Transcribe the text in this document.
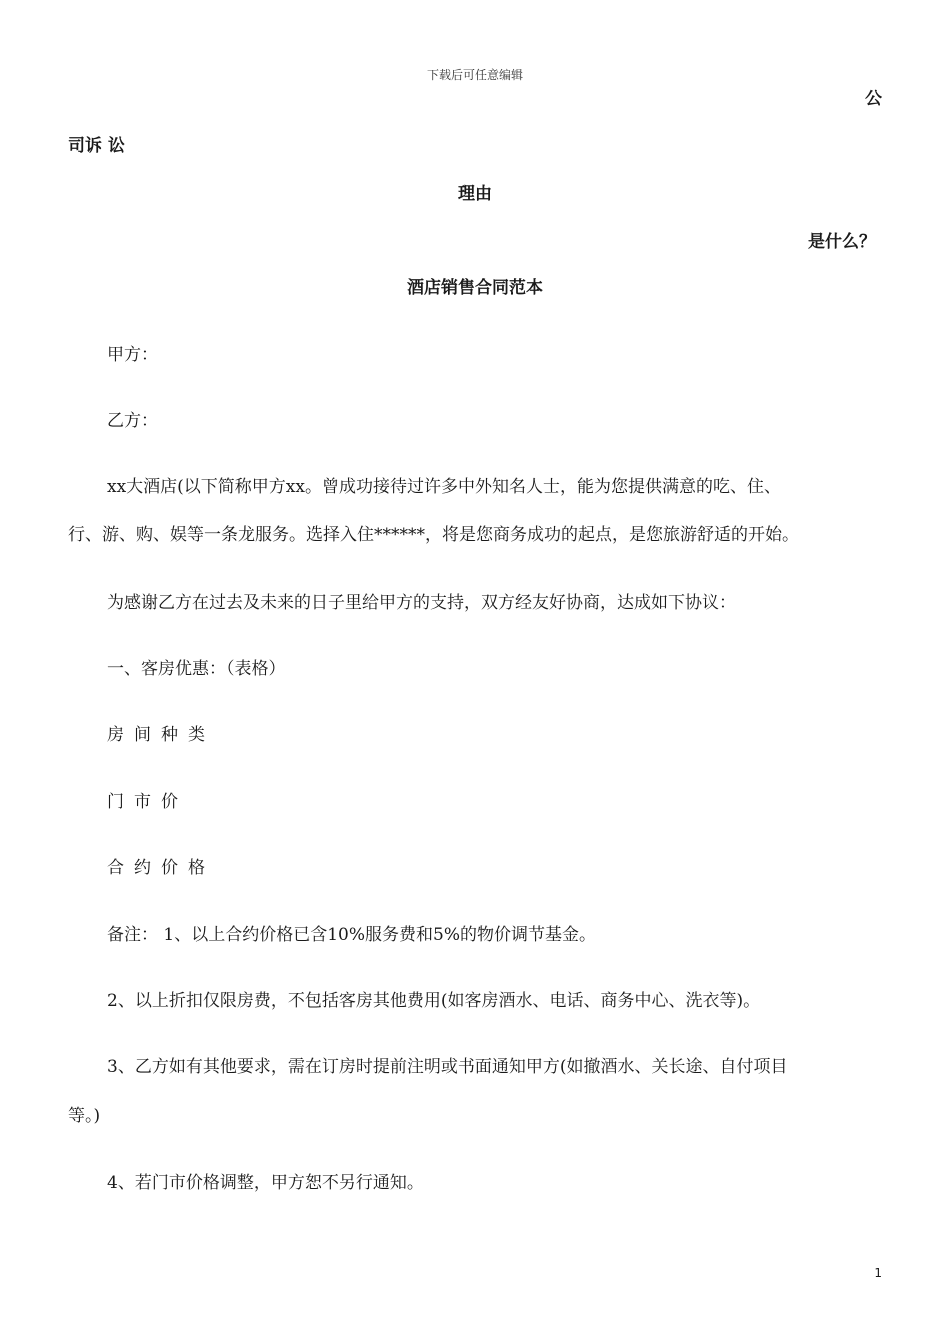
下载后可任意编辑
公
司诉 讼
理由
是什么？
酒店销售合同范本
甲方：
乙方：
xx大酒店(以下简称甲方xx。曾成功接待过许多中外知名人士，能为您提供满意的吃、住、
行、游、购、娱等一条龙服务。选择入住******，将是您商务成功的起点，是您旅游舒适的开始。
为感谢乙方在过去及未来的日子里给甲方的支持，双方经友好协商，达成如下协议：
一、客房优惠：（表格）
房间种类
门市价
合约价格
备注： 1、以上合约价格已含10%服务费和5%的物价调节基金。
2、以上折扣仅限房费，不包括客房其他费用(如客房酒水、电话、商务中心、洗衣等)。
3、乙方如有其他要求，需在订房时提前注明或书面通知甲方(如撤酒水、关长途、自付项目
等。)
4、若门市价格调整，甲方恕不另行通知。
1
